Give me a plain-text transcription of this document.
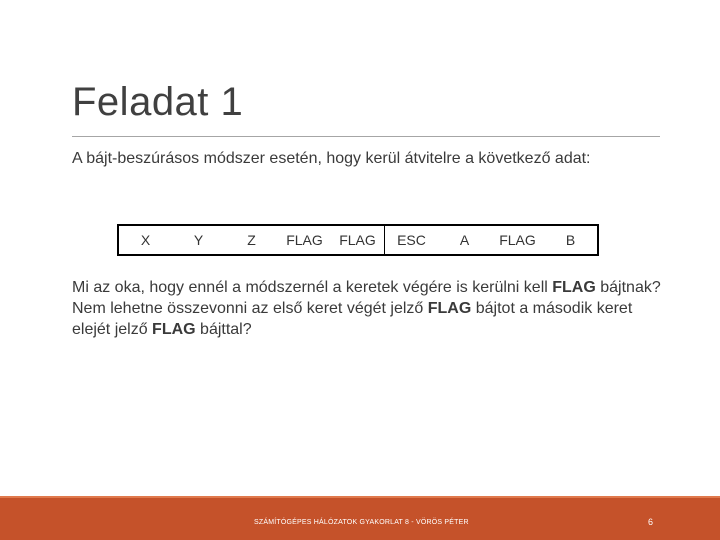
Feladat 1

A bájt-beszúrásos módszer esetén, hogy kerül átvitelre a következő adat:

X	Y	Z	FLAG	FLAG	ESC	A	FLAG	B

Mi az oka, hogy ennél a módszernél a keretek végére is kerülni kell FLAG bájtnak? Nem lehetne összevonni az első keret végét jelző FLAG bájtot a második keret elejét jelző FLAG bájttal?

SZÁMÍTÓGÉPES HÁLÓZATOK GYAKORLAT 8 - VÖRÖS PÉTER	6
